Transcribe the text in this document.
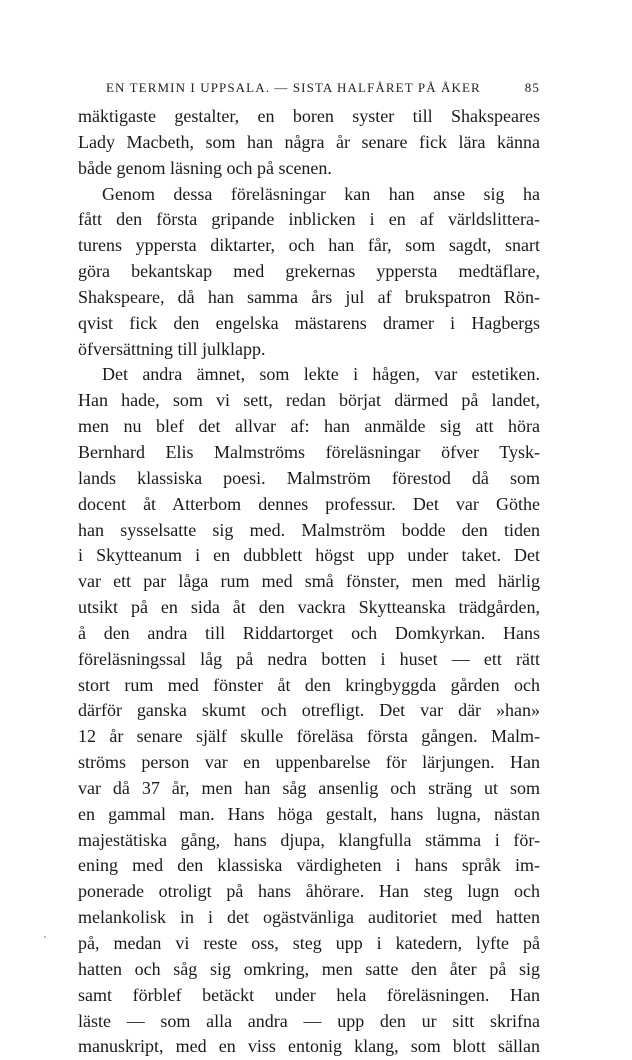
EN TERMIN I UPPSALA. — SISTA HALFÅRET PÅ ÅKER	85
mäktigaste gestalter, en boren syster till Shakspeares
Lady Macbeth, som han några år senare fick lära känna
både genom läsning och på scenen.
Genom dessa föreläsningar kan han anse sig ha
fått den första gripande inblicken i en af världslittera-
turens yppersta diktarter, och han får, som sagdt, snart
göra bekantskap med grekernas yppersta medtäflare,
Shakspeare, då han samma års jul af brukspatron Rön-
qvist fick den engelska mästarens dramer i Hagbergs
öfversättning till julklapp.
Det andra ämnet, som lekte i hågen, var estetiken.
Han hade, som vi sett, redan börjat därmed på landet,
men nu blef det allvar af: han anmälde sig att höra
Bernhard Elis Malmströms föreläsningar öfver Tysk-
lands klassiska poesi. Malmström förestod då som
docent åt Atterbom dennes professur. Det var Göthe
han sysselsatte sig med. Malmström bodde den tiden
i Skytteanum i en dubblett högst upp under taket. Det
var ett par låga rum med små fönster, men med härlig
utsikt på en sida åt den vackra Skytteanska trädgården,
å den andra till Riddartorget och Domkyrkan. Hans
föreläsningssal låg på nedra botten i huset — ett rätt
stort rum med fönster åt den kringbyggda gården och
därför ganska skumt och otrefligt. Det var där »han»
12 år senare själf skulle föreläsa första gången. Malm-
ströms person var en uppenbarelse för lärjungen. Han
var då 37 år, men han såg ansenlig och sträng ut som
en gammal man. Hans höga gestalt, hans lugna, nästan
majestätiska gång, hans djupa, klangfulla stämma i för-
ening med den klassiska värdigheten i hans språk im-
ponerade otroligt på hans åhörare. Han steg lugn och
melankolisk in i det ogästvänliga auditoriet med hatten
på, medan vi reste oss, steg upp i katedern, lyfte på
hatten och såg sig omkring, men satte den åter på sig
samt förblef betäckt under hela föreläsningen. Han
läste — som alla andra — upp den ur sitt skrifna
manuskript, med en viss entonig klang, som blott sällan
